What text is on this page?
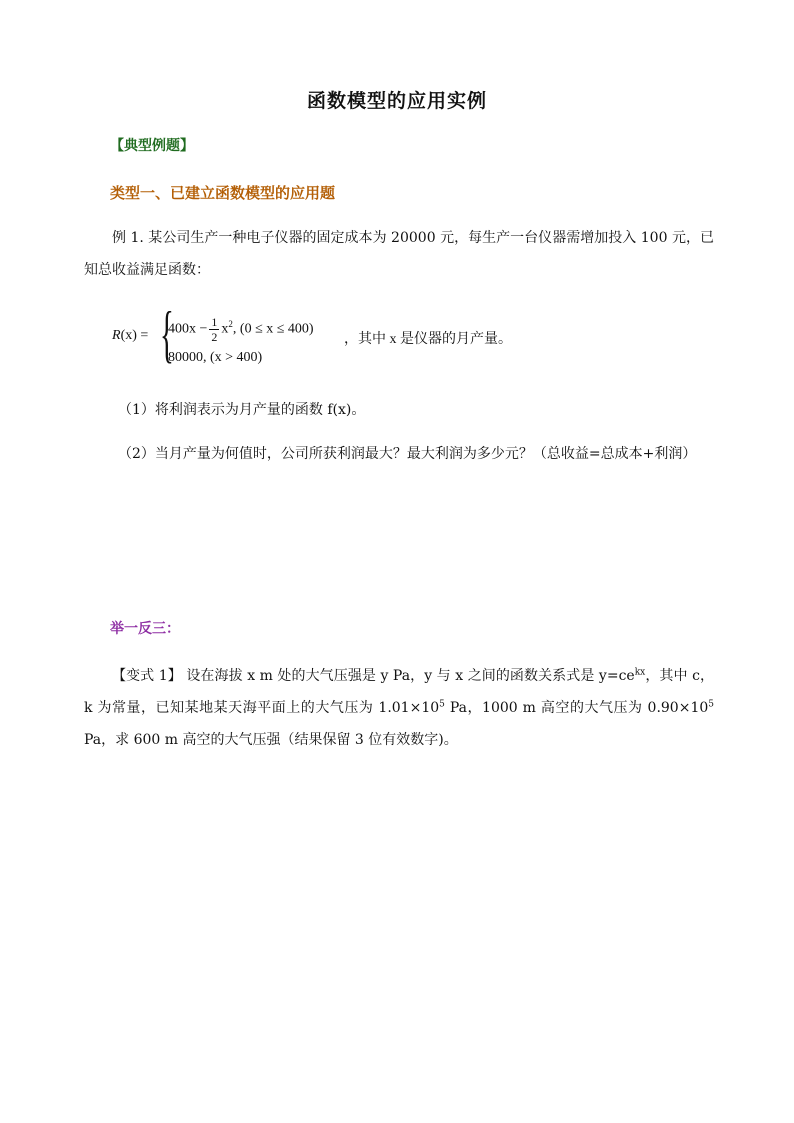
函数模型的应用实例
【典型例题】
类型一、已建立函数模型的应用题
例 1. 某公司生产一种电子仪器的固定成本为 20000 元，每生产一台仪器需增加投入 100 元，已知总收益满足函数：
R(x) = {
$400x - \frac{1}{2} x^2$, (0 ≤ x ≤ 400)
80000, (x > 400)
，其中 x 是仪器的月产量。
（1）将利润表示为月产量的函数 f(x)。
（2）当月产量为何值时，公司所获利润最大？最大利润为多少元？（总收益=总成本+利润）
举一反三：
【变式 1】 设在海拔 x m 处的大气压强是 y Pa，y 与 x 之间的函数关系式是 $y=ce^{kx}$，其中 c，k 为常量，已知某地某天海平面上的大气压为 $1.01\times 10^5$ Pa，1000 m 高空的大气压为 $0.90\times 10^5$ Pa，求 600 m 高空的大气压强（结果保留 3 位有效数字)。
